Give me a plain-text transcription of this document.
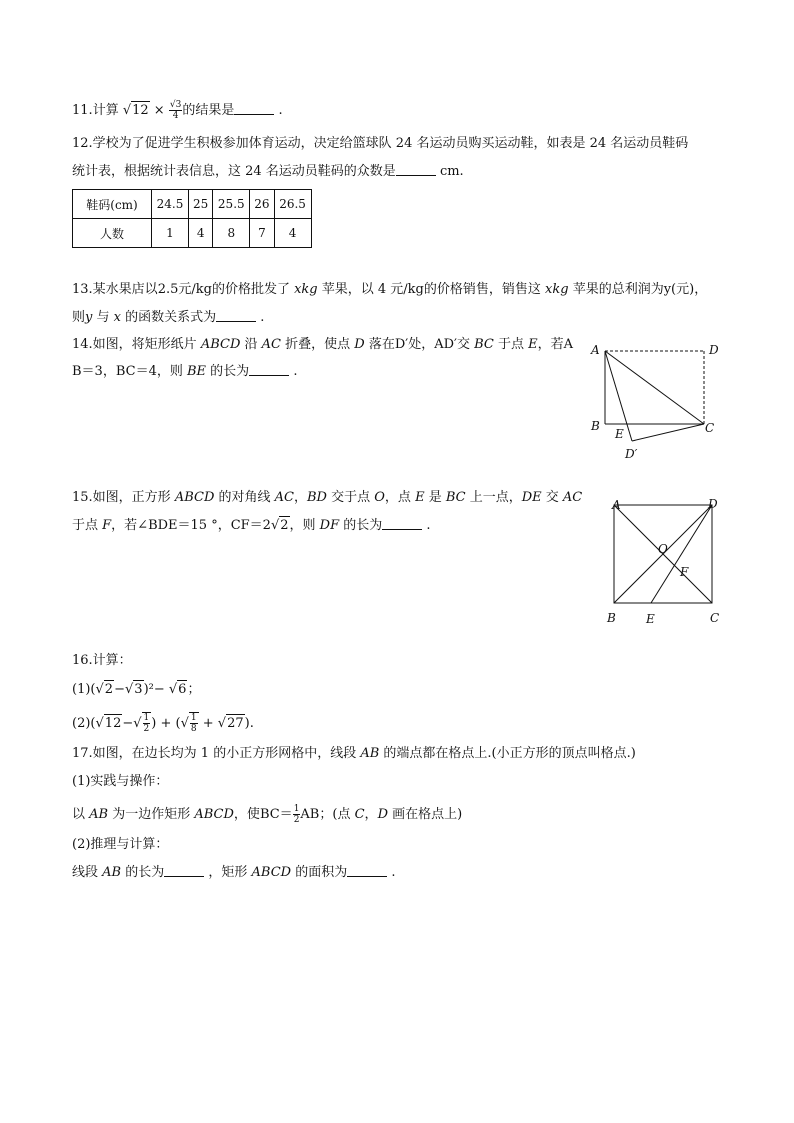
11.计算 $√12 \times \frac{√3}{4}$ 的结果是	.
12.学校为了促进学生积极参加体育运动，决定给篮球队 24 名运动员购买运动鞋，如表是 24 名运动员鞋码
统计表，根据统计表信息，这 24 名运动员鞋码的众数是	cm.
鞋码(cm)	24.5	25	25.5	26	26.5
人数	1	4	8	7	4
13.某水果店以2.5元/kg的价格批发了 xkg 苹果，以 4 元/kg的价格销售，销售这 xkg 苹果的总利润为y(元)，
则y 与 x 的函数关系式为	.
14.如图，将矩形纸片 ABCD 沿 AC 折叠，使点 D 落在D′处，AD′交 BC 于点 E，若A
B＝3，BC＝4，则 BE 的长为	.
A	D
B	C
E
D′
15.如图，正方形 ABCD 的对角线 AC，BD 交于点 O，点 E 是 BC 上一点，DE 交 AC
于点 F，若∠BDE＝15 °，CF＝2√2，则 DF 的长为	.
A	D
B	C
O
F
E
16.计算：
(1)(√2−√3)²− √6；
$(2)(√12-√ \frac{1}{2}$ ) + (√ $\frac{1}{8} + √27$).
17.如图，在边长均为 1 的小正方形网格中，线段 AB 的端点都在格点上.(小正方形的顶点叫格点.)
(1)实践与操作：
以 AB 为一边作矩形 ABCD，使$BC= \frac{1}{2}$ AB；(点 C，D 画在格点上)
(2)推理与计算：
线段 AB 的长为	，矩形 ABCD 的面积为	.
